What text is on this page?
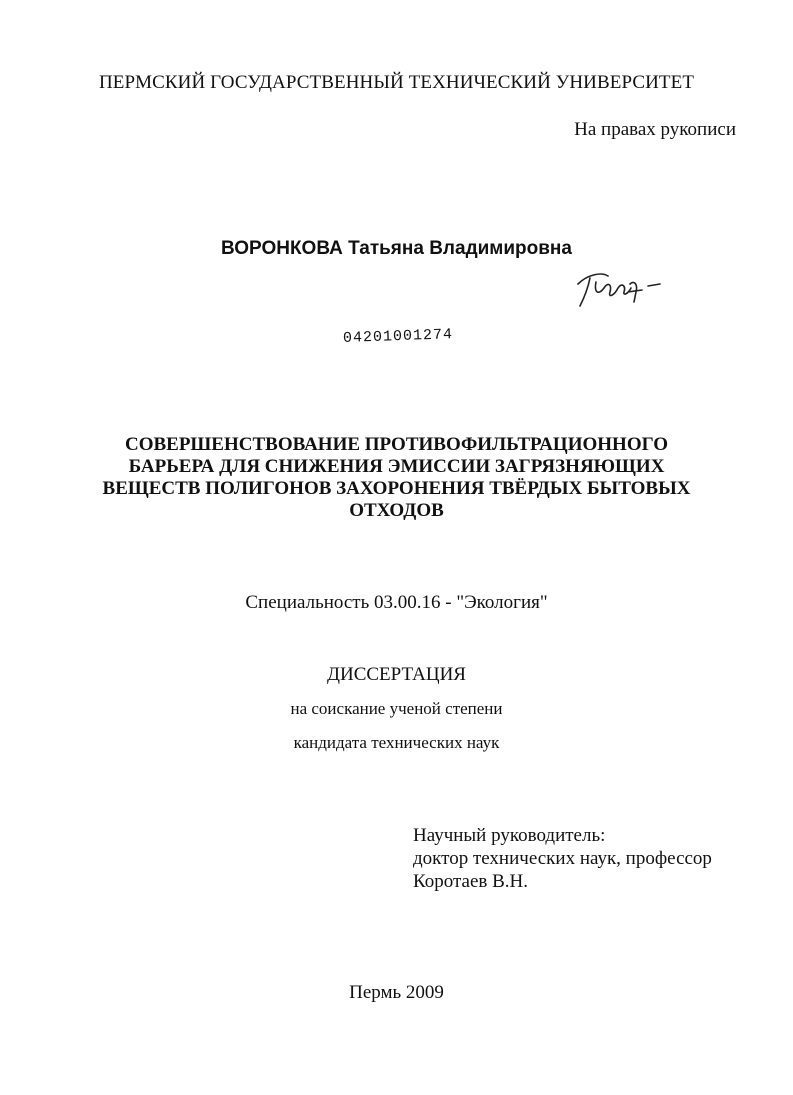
ПЕРМСКИЙ ГОСУДАРСТВЕННЫЙ ТЕХНИЧЕСКИЙ УНИВЕРСИТЕТ
На правах рукописи
ВОРОНКОВА Татьяна Владимировна
04201001274
СОВЕРШЕНСТВОВАНИЕ ПРОТИВОФИЛЬТРАЦИОННОГО
БАРЬЕРА ДЛЯ СНИЖЕНИЯ ЭМИССИИ ЗАГРЯЗНЯЮЩИХ
ВЕЩЕСТВ ПОЛИГОНОВ ЗАХОРОНЕНИЯ ТВЁРДЫХ БЫТОВЫХ
ОТХОДОВ
Специальность 03.00.16 - "Экология"
ДИССЕРТАЦИЯ
на соискание ученой степени
кандидата технических наук
Научный руководитель:
доктор технических наук, профессор
Коротаев В.Н.
Пермь 2009
